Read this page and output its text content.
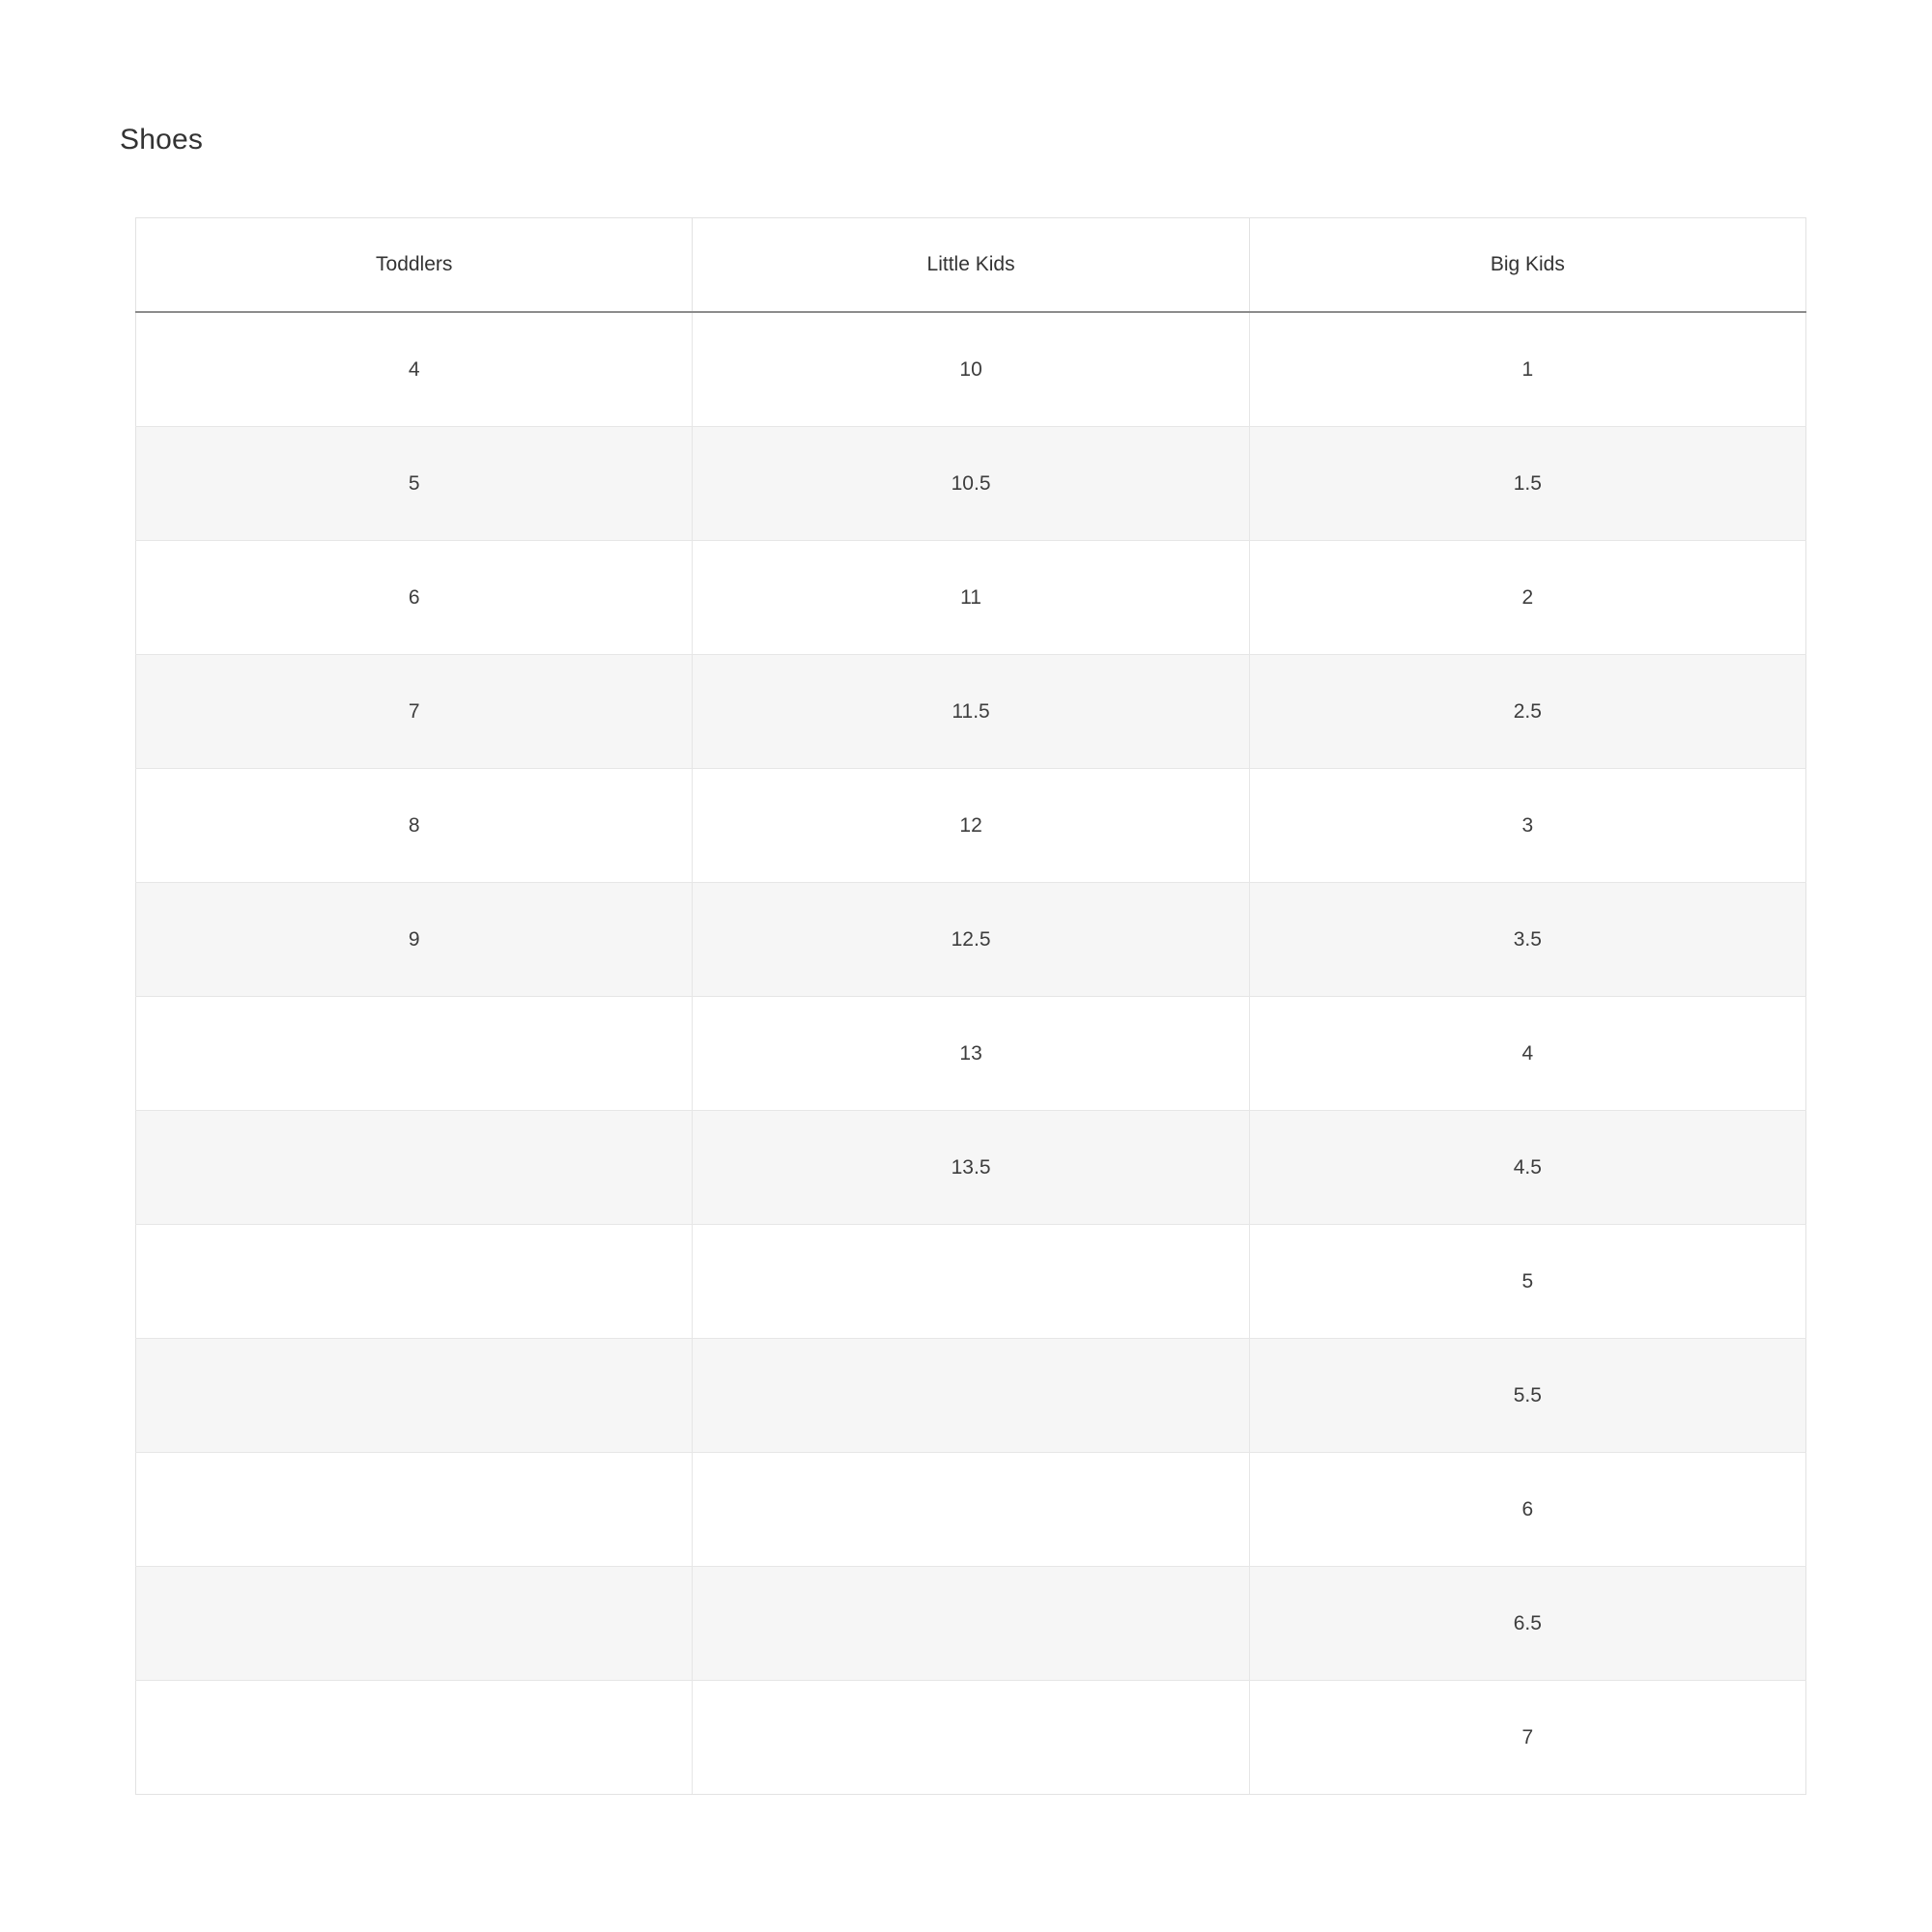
Shoes
Toddlers	Little Kids	Big Kids
4	10	1
5	10.5	1.5
6	11	2
7	11.5	2.5
8	12	3
9	12.5	3.5
	13	4
	13.5	4.5
		5
		5.5
		6
		6.5
		7
